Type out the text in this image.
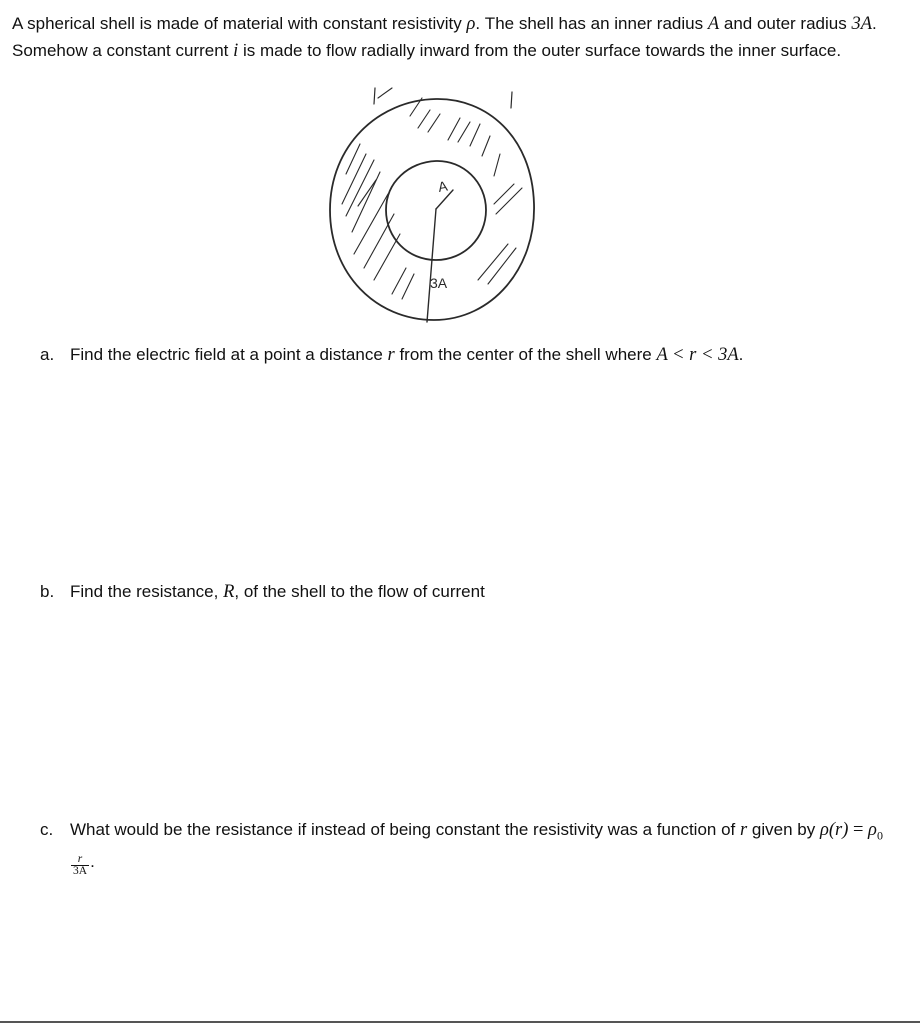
A spherical shell is made of material with constant resistivity ρ. The shell has an inner radius A and outer radius 3A. Somehow a constant current i is made to flow radially inward from the outer surface towards the inner surface.
A
3A
a. Find the electric field at a point a distance r from the center of the shell where A < r < 3A.
b. Find the resistance, R, of the shell to the flow of current
c. What would be the resistance if instead of being constant the resistivity was a function of r given by $\rho(r) = \rho_0$
$\frac{r}{3A}$ .
